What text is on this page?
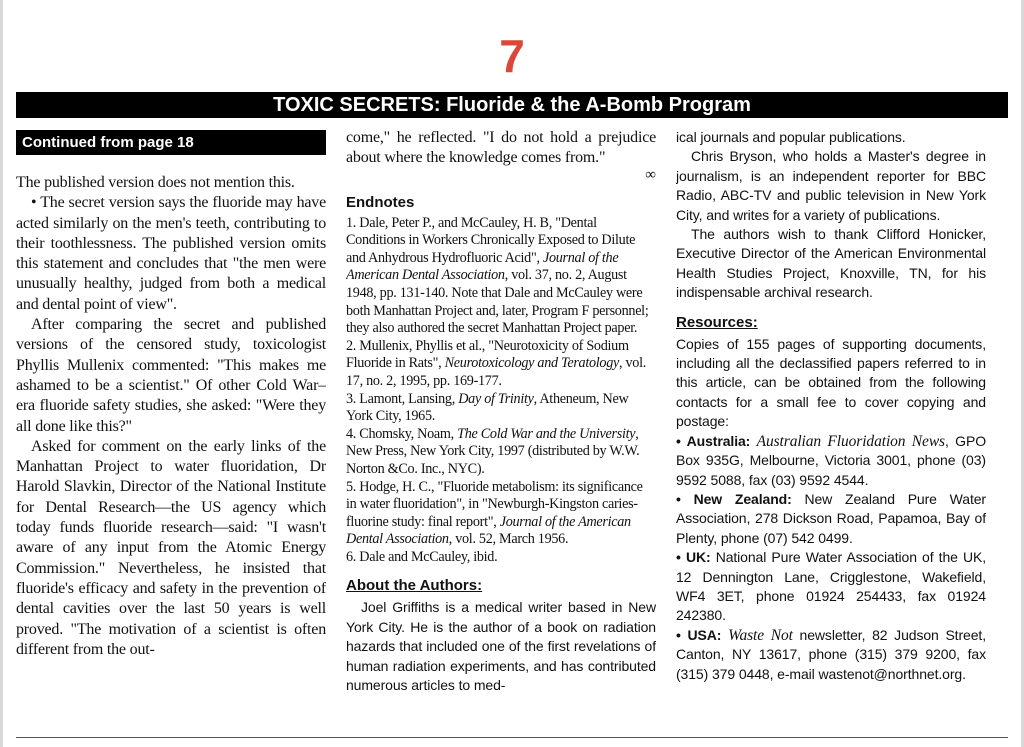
7
TOXIC SECRETS: Fluoride & the A-Bomb Program
Continued from page 18

The published version does not mention this.

• The secret version says the fluoride may have acted similarly on the men's teeth, contributing to their toothlessness. The published version omits this statement and concludes that "the men were unusually healthy, judged from both a medical and dental point of view".

After comparing the secret and published versions of the censored study, toxicologist Phyllis Mullenix commented: "This makes me ashamed to be a scientist." Of other Cold War–era fluoride safety studies, she asked: "Were they all done like this?"

Asked for comment on the early links of the Manhattan Project to water fluoridation, Dr Harold Slavkin, Director of the National Institute for Dental Research—the US agency which today funds fluoride research—said: "I wasn't aware of any input from the Atomic Energy Commission." Nevertheless, he insisted that fluoride's efficacy and safety in the prevention of dental cavities over the last 50 years is well proved. "The motivation of a scientist is often different from the out-

come," he reflected. "I do not hold a prejudice about where the knowledge comes from."

∞
Endnotes

1. Dale, Peter P., and McCauley, H. B, "Dental Conditions in Workers Chronically Exposed to Dilute and Anhydrous Hydrofluoric Acid", Journal of the American Dental Association, vol. 37, no. 2, August 1948, pp. 131-140. Note that Dale and McCauley were both Manhattan Project and, later, Program F personnel; they also authored the secret Manhattan Project paper.

2. Mullenix, Phyllis et al., "Neurotoxicity of Sodium Fluoride in Rats", Neurotoxicology and Teratology, vol. 17, no. 2, 1995, pp. 169-177.

3. Lamont, Lansing, Day of Trinity, Atheneum, New York City, 1965.

4. Chomsky, Noam, The Cold War and the University, New Press, New York City, 1997 (distributed by W.W. Norton &Co. Inc., NYC).

5. Hodge, H. C., "Fluoride metabolism: its significance in water fluoridation", in "Newburgh-Kingston caries-fluorine study: final report", Journal of the American Dental Association, vol. 52, March 1956.

6. Dale and McCauley, ibid.

About the Authors:

Joel Griffiths is a medical writer based in New York City. He is the author of a book on radiation hazards that included one of the first revelations of human radiation experiments, and has contributed numerous articles to med-

ical journals and popular publications.

Chris Bryson, who holds a Master's degree in journalism, is an independent reporter for BBC Radio, ABC-TV and public television in New York City, and writes for a variety of publications.

The authors wish to thank Clifford Honicker, Executive Director of the American Environmental Health Studies Project, Knoxville, TN, for his indispensable archival research.

Resources:

Copies of 155 pages of supporting documents, including all the declassified papers referred to in this article, can be obtained from the following contacts for a small fee to cover copying and postage:

• Australia: Australian Fluoridation News, GPO Box 935G, Melbourne, Victoria 3001, phone (03) 9592 5088, fax (03) 9592 4544.

• New Zealand: New Zealand Pure Water Association, 278 Dickson Road, Papamoa, Bay of Plenty, phone (07) 542 0499.

• UK: National Pure Water Association of the UK, 12 Dennington Lane, Crigglestone, Wakefield, WF4 3ET, phone 01924 254433, fax 01924 242380.

• USA: Waste Not newsletter, 82 Judson Street, Canton, NY 13617, phone (315) 379 9200, fax (315) 379 0448, e-mail wastenot@northnet.org.
